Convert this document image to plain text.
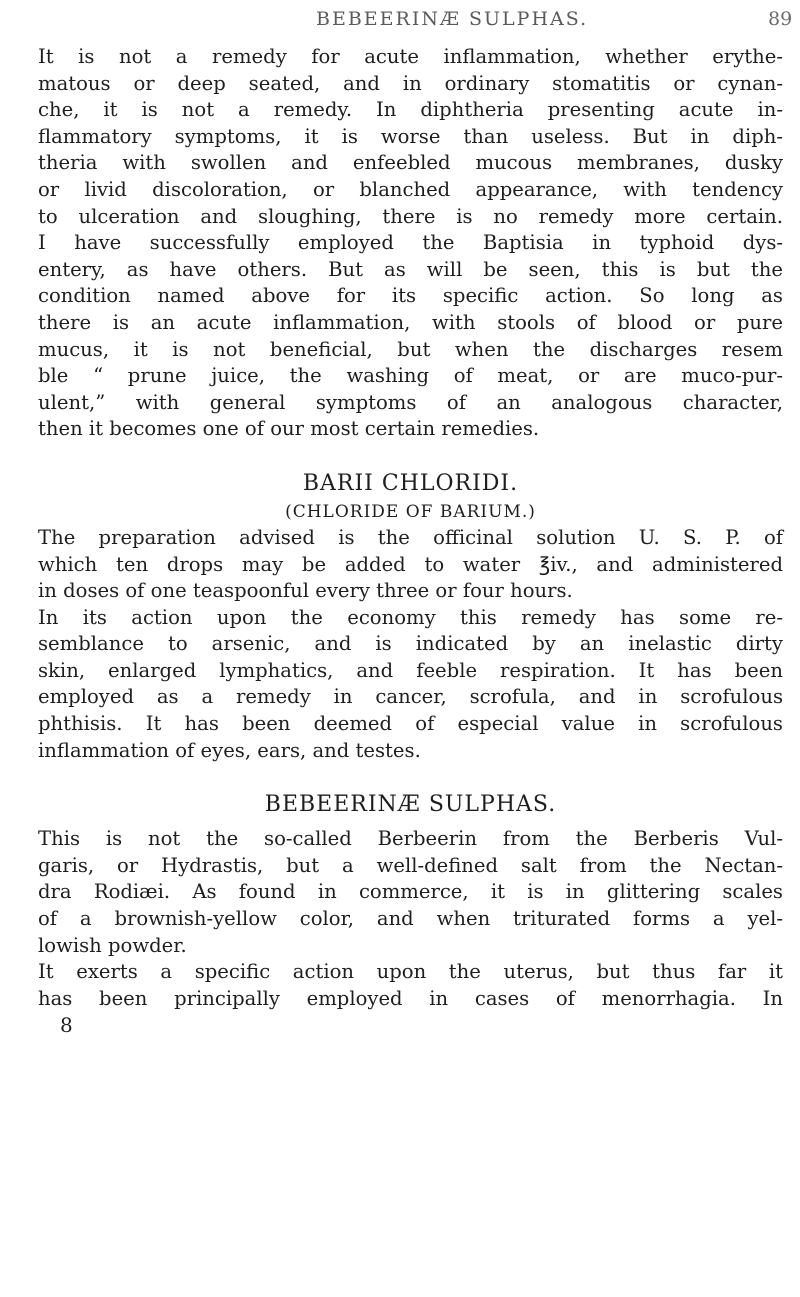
BEBEERINÆ SULPHAS.	89
It is not a remedy for acute inflammation, whether erythe-
matous or deep seated, and in ordinary stomatitis or cynan-
che, it is not a remedy. In diphtheria presenting acute in-
flammatory symptoms, it is worse than useless. But in diph-
theria with swollen and enfeebled mucous membranes, dusky
or livid discoloration, or blanched appearance, with tendency
to ulceration and sloughing, there is no remedy more certain.
I have successfully employed the Baptisia in typhoid dys-
entery, as have others. But as will be seen, this is but the
condition named above for its specific action. So long as
there is an acute inflammation, with stools of blood or pure
mucus, it is not beneficial, but when the discharges resem
ble “ prune juice, the washing of meat, or are muco-pur-
ulent,” with general symptoms of an analogous character,
then it becomes one of our most certain remedies.
BARII CHLORIDI.
(CHLORIDE OF BARIUM.)
The preparation advised is the officinal solution U. S. P. of
which ten drops may be added to water ℥iv., and administered
in doses of one teaspoonful every three or four hours.
In its action upon the economy this remedy has some re-
semblance to arsenic, and is indicated by an inelastic dirty
skin, enlarged lymphatics, and feeble respiration. It has been
employed as a remedy in cancer, scrofula, and in scrofulous
phthisis. It has been deemed of especial value in scrofulous
inflammation of eyes, ears, and testes.
BEBEERINÆ SULPHAS.
This is not the so-called Berbeerin from the Berberis Vul-
garis, or Hydrastis, but a well-defined salt from the Nectan-
dra Rodiæi. As found in commerce, it is in glittering scales
of a brownish-yellow color, and when triturated forms a yel-
lowish powder.
It exerts a specific action upon the uterus, but thus far it
has been principally employed in cases of menorrhagia. In
8
